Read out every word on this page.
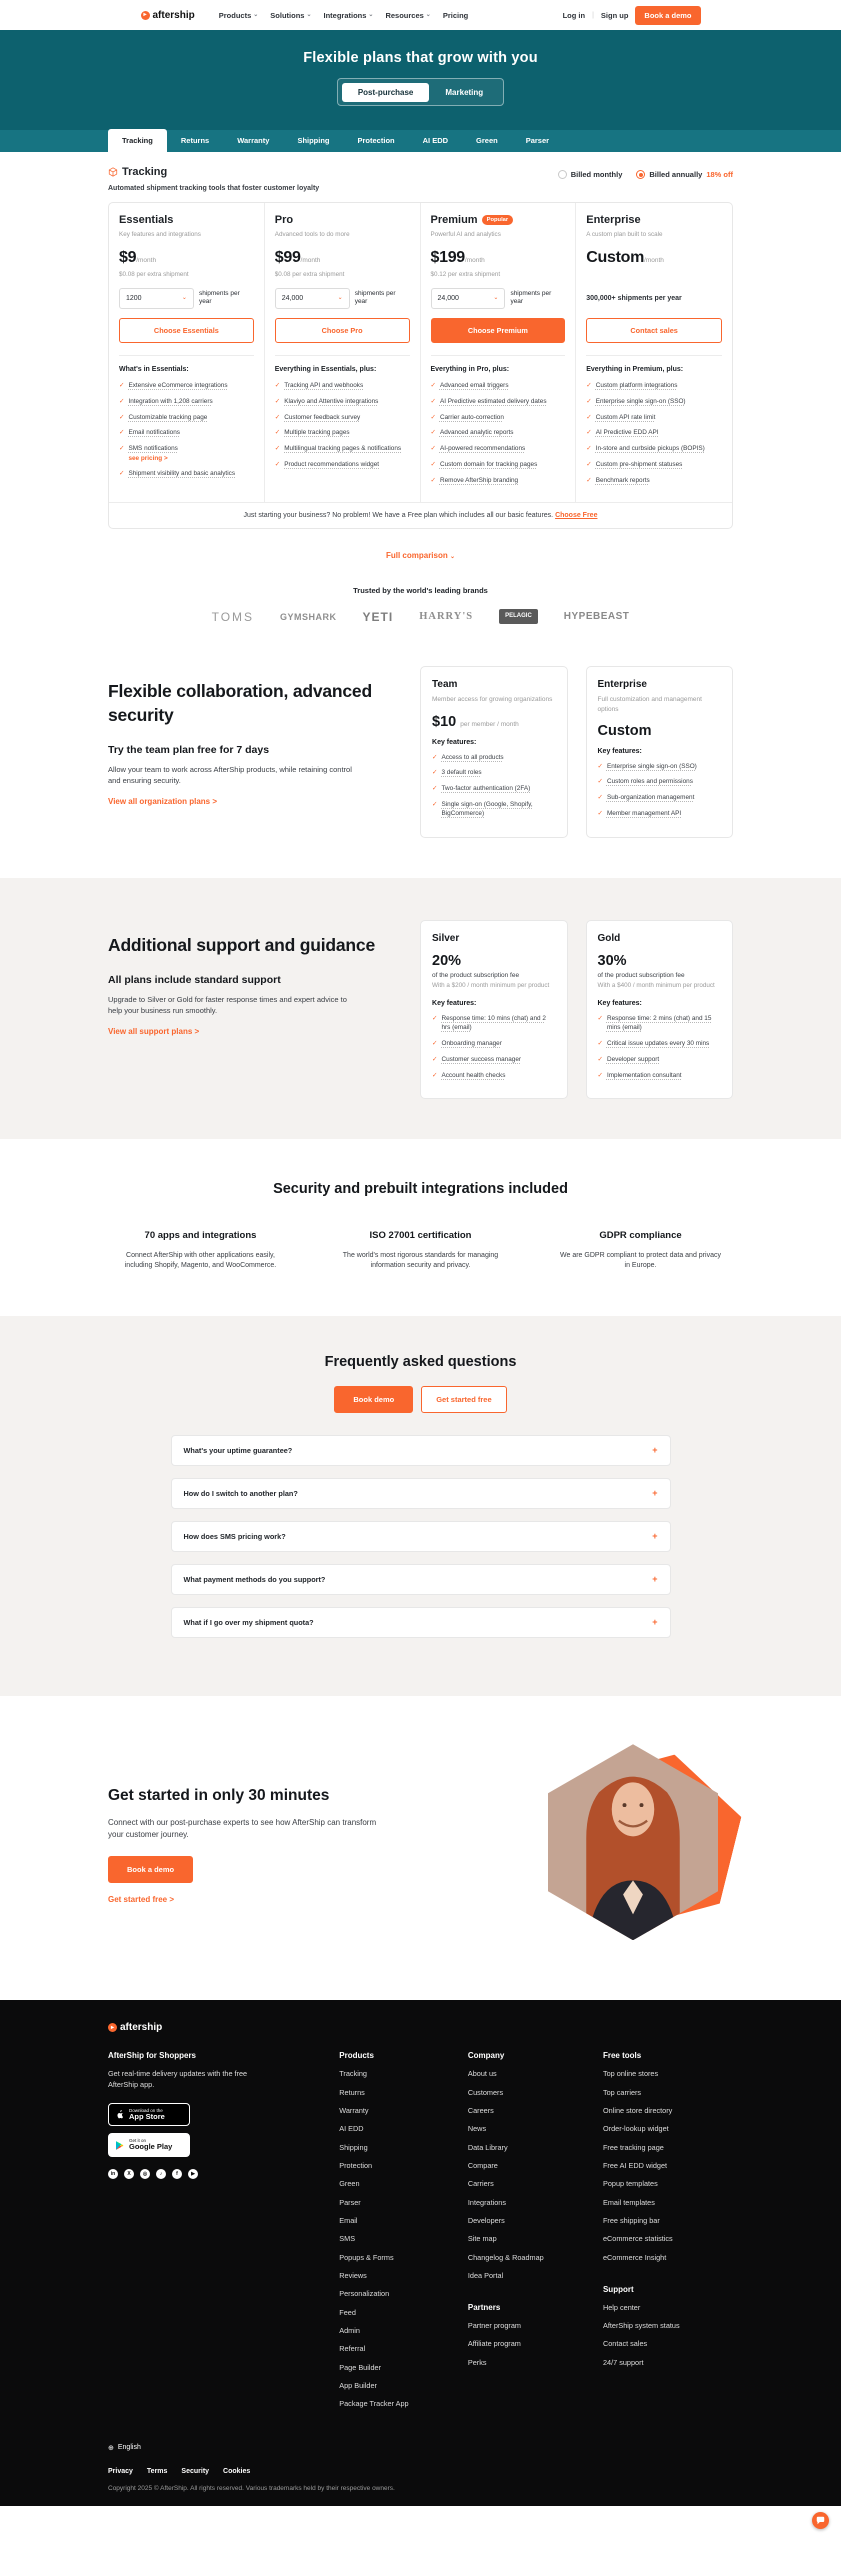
▸ aftership	Products ⌄ Solutions ⌄ Integrations ⌄ Resources ⌄ Pricing	Log in | Sign up	Book a demo
Flexible plans that grow with you
Post-purchase	Marketing
Tracking	Returns	Warranty	Shipping	Protection	AI EDD	Green	Parser
Tracking

Automated shipment tracking tools that foster customer loyalty

Billed monthly	Billed annually 18% off
Essentials
Key features and integrations
$9/month
$0.08 per extra shipment
1200	⌄
shipments per year
Choose Essentials
What's in Essentials:
✓ Extensive eCommerce integrations
✓ Integration with 1,208 carriers
✓ Customizable tracking page
✓ Email notifications
✓ SMS notifications
see pricing >
✓ Shipment visibility and basic analytics
Pro
Advanced tools to do more
$99/month
$0.08 per extra shipment
24,000	⌄
shipments per year
Choose Pro
Everything in Essentials, plus:
✓ Tracking API and webhooks
✓ Klaviyo and Attentive integrations
✓ Customer feedback survey
✓ Multiple tracking pages
✓ Multilingual tracking pages & notifications
✓ Product recommendations widget
Premium	Popular
Powerful AI and analytics
$199/month
$0.12 per extra shipment
24,000	⌄
shipments per year
Choose Premium
Everything in Pro, plus:
✓ Advanced email triggers
✓ AI Predictive estimated delivery dates
✓ Carrier auto-correction
✓ Advanced analytic reports
✓ AI-powered recommendations
✓ Custom domain for tracking pages
✓ Remove AfterShip branding
Enterprise
A custom plan built to scale
Custom/month
300,000+ shipments per year
Contact sales
Everything in Premium, plus:
✓ Custom platform integrations
✓ Enterprise single sign-on (SSO)
✓ Custom API rate limit
✓ AI Predictive EDD API
✓ In-store and curbside pickups (BOPIS)
✓ Custom pre-shipment statuses
✓ Benchmark reports
Just starting your business? No problem! We have a Free plan which includes all our basic features. Choose Free
Full comparison ⌄
Trusted by the world's leading brands
TOMS	GYMSHARK YETI HARRY'S	PELAGIC	HYPEBEAST
Flexible collaboration, advanced security
Try the team plan free for 7 days

Allow your team to work across AfterShip products, while retaining control and ensuring security.

View all organization plans >
Team
Member access for growing organizations
$10 per member / month
Key features:
✓ Access to all products
✓ 3 default roles
✓ Two-factor authentication (2FA)
✓ Single sign-on (Google, Shopify, BigCommerce)
Enterprise
Full customization and management options
Custom
Key features:
✓ Enterprise single sign-on (SSO)
✓ Custom roles and permissions
✓ Sub-organization management
✓ Member management API
Additional support and guidance
All plans include standard support

Upgrade to Silver or Gold for faster response times and expert advice to help your business run smoothly.

View all support plans >
Silver
20%
of the product subscription fee
With a $200 / month minimum per product
Key features:
✓ Response time: 10 mins (chat) and 2 hrs (email)
✓ Onboarding manager
✓ Customer success manager
✓ Account health checks
Gold
30%
of the product subscription fee
With a $400 / month minimum per product
Key features:
✓ Response time: 2 mins (chat) and 15 mins (email)
✓ Critical issue updates every 30 mins
✓ Developer support
✓ Implementation consultant
Security and prebuilt integrations included
70 apps and integrations

Connect AfterShip with other applications easily, including Shopify, Magento, and WooCommerce.

ISO 27001 certification

The world's most rigorous standards for managing information security and privacy.

GDPR compliance

We are GDPR compliant to protect data and privacy in Europe.

Frequently asked questions
Book demo	Get started free
What's your uptime guarantee?	+
How do I switch to another plan?	+
How does SMS pricing work?	+
What payment methods do you support?	+
What if I go over my shipment quota?	+
Get started in only 30 minutes

Connect with our post-purchase experts to see how AfterShip can transform your customer journey.

Book a demo
Get started free >
▸ aftership
AfterShip for Shoppers

Get real-time delivery updates with the free AfterShip app.

Download on the
App Store
Get it on
Google Play
in	X	◎	♪	f	▶
Products
Tracking
Returns
Warranty
AI EDD
Shipping
Protection
Green
Parser
Email
SMS
Popups & Forms
Reviews
Personalization
Feed
Admin
Referral
Page Builder
App Builder
Package Tracker App
Company
About us
Customers
Careers
News
Data Library
Compare
Carriers
Integrations
Developers
Site map
Changelog & Roadmap
Idea Portal
Partners
Partner program
Affiliate program
Perks
Free tools
Top online stores
Top carriers
Online store directory
Order-lookup widget
Free tracking page
Free AI EDD widget
Popup templates
Email templates
Free shipping bar
eCommerce statistics
eCommerce Insight
Support
Help center
AfterShip system status
Contact sales
24/7 support
⊕ English
Privacy Terms Security Cookies
Copyright 2025 © AfterShip. All rights reserved. Various trademarks held by their respective owners.
